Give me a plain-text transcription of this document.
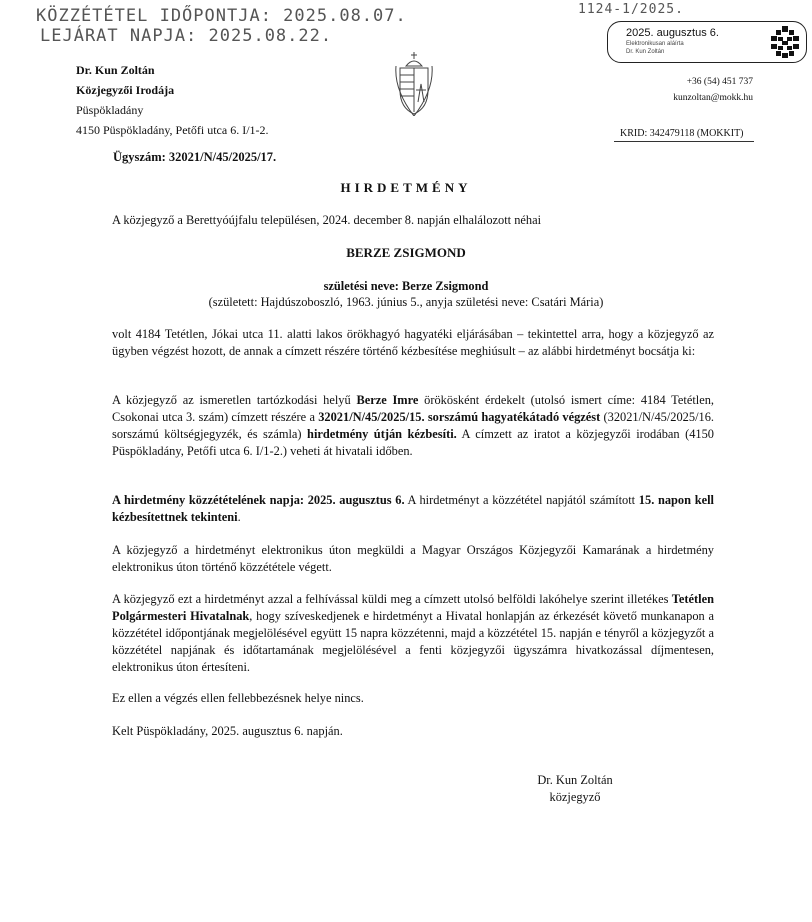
KÖZZÉTÉTEL IDŐPONTJA: 2025.08.07.
LEJÁRAT NAPJA: 2025.08.22.
1124-1/2025.
2025. augusztus 6.
Elektronikusan aláírta
Dr. Kun Zoltán
Dr. Kun Zoltán
Közjegyzői Irodája
Püspökladány
4150 Püspökladány, Petőfi utca 6. I/1-2.
+36 (54) 451 737
kunzoltan@mokk.hu
KRID: 342479118 (MOKKIT)
Ügyszám: 32021/N/45/2025/17.
HIRDETMÉNY
A közjegyző a Berettyóújfalu településen, 2024. december 8. napján elhalálozott néhai
BERZE ZSIGMOND
születési neve: Berze Zsigmond
(született: Hajdúszoboszló, 1963. június 5., anyja születési neve: Csatári Mária)
volt 4184 Tetétlen, Jókai utca 11. alatti lakos örökhagyó hagyatéki eljárásában – tekintettel arra, hogy a közjegyző az ügyben végzést hozott, de annak a címzett részére történő kézbesítése meghiúsult – az alábbi hirdetményt bocsátja ki:
A közjegyző az ismeretlen tartózkodási helyű Berze Imre örökösként érdekelt (utolsó ismert címe: 4184 Tetétlen, Csokonai utca 3. szám) címzett részére a 32021/N/45/2025/15. sorszámú hagyatékátadó végzést (32021/N/45/2025/16. sorszámú költségjegyzék, és számla) hirdetmény útján kézbesíti. A címzett az iratot a közjegyzői irodában (4150 Püspökladány, Petőfi utca 6. I/1-2.) veheti át hivatali időben.
A hirdetmény közzétételének napja: 2025. augusztus 6. A hirdetményt a közzététel napjától számított 15. napon kell kézbesítettnek tekinteni.
A közjegyző a hirdetményt elektronikus úton megküldi a Magyar Országos Közjegyzői Kamarának a hirdetmény elektronikus úton történő közzététele végett.
A közjegyző ezt a hirdetményt azzal a felhívással küldi meg a címzett utolsó belföldi lakóhelye szerint illetékes Tetétlen Polgármesteri Hivatalnak, hogy szíveskedjenek e hirdetményt a Hivatal honlapján az érkezését követő munkanapon a közzététel időpontjának megjelölésével együtt 15 napra közzétenni, majd a közzététel 15. napján e tényről a közjegyzőt a közzététel napjának és időtartamának megjelölésével a fenti közjegyzői ügyszámra hivatkozással díjmentesen, elektronikus úton értesíteni.
Ez ellen a végzés ellen fellebbezésnek helye nincs.
Kelt Püspökladány, 2025. augusztus 6. napján.
Dr. Kun Zoltán
közjegyző
